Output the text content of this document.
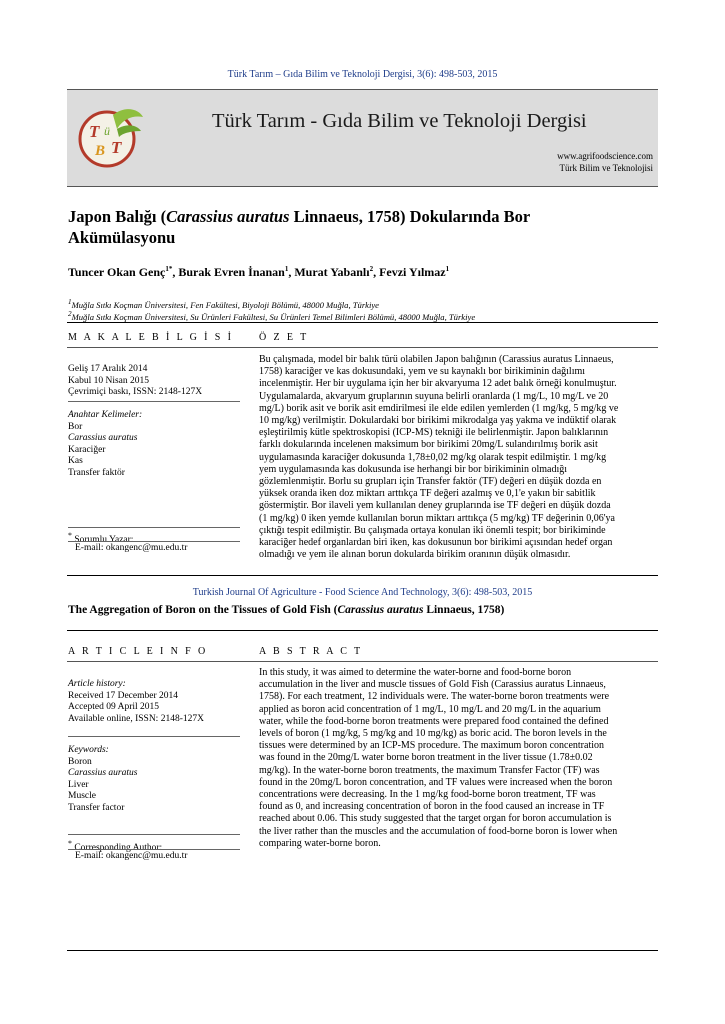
Türk Tarım – Gıda Bilim ve Teknoloji Dergisi, 3(6): 498-503, 2015
T ü
B T
Türk Tarım - Gıda Bilim ve Teknoloji Dergisi
www.agrifoodscience.com
Türk Bilim ve Teknolojisi
Japon Balığı (Carassius auratus Linnaeus, 1758) Dokularında Bor
Akümülasyonu
Tuncer Okan Genç$^{1*}$, Burak Evren İnanan$^1$, Murat Yabanlı$^2$, Fevzi Yılmaz$^1$
$^1$Muğla Sıtkı Koçman Üniversitesi, Fen Fakültesi, Biyoloji Bölümü, 48000 Muğla, Türkiye
$^2$Muğla Sıtkı Koçman Üniversitesi, Su Ürünleri Fakültesi, Su Ürünleri Temel Bilimleri Bölümü, 48000 Muğla, Türkiye
M A K A L E B İ L G İ S İ	Ö Z E T
Geliş 17 Aralık 2014
Kabul 10 Nisan 2015
Çevrimiçi baskı, ISSN: 2148-127X
Anahtar Kelimeler:
Bor
Carassius auratus
Karaciğer
Kas
Transfer faktör
* Sorumlu Yazar:
E-mail: okangenc@mu.edu.tr
Bu çalışmada, model bir balık türü olabilen Japon balığının (Carassius auratus Linnaeus,
1758) karaciğer ve kas dokusundaki, yem ve su kaynaklı bor birikiminin dağılımı
incelenmiştir. Her bir uygulama için her bir akvaryuma 12 adet balık örneği konulmuştur.
Uygulamalarda, akvaryum gruplarının suyuna belirli oranlarda (1 mg/L, 10 mg/L ve 20
mg/L) borik asit ve borik asit emdirilmesi ile elde edilen yemlerden (1 mg/kg, 5 mg/kg ve
10 mg/kg) verilmiştir. Dokulardaki bor birikimi mikrodalga yaş yakma ve indüktif olarak
eşleştirilmiş kütle spektroskopisi (ICP-MS) tekniği ile belirlenmiştir. Japon balıklarının
farklı dokularında incelenen maksimum bor birikimi 20mg/L sulandırılmış borik asit
uygulamasında karaciğer dokusunda 1,78±0,02 mg/kg olarak tespit edilmiştir. 1 mg/kg
yem uygulamasında kas dokusunda ise herhangi bir bor birikiminin olmadığı
gözlemlenmiştir. Borlu su grupları için Transfer faktör (TF) değeri en düşük dozda en
yüksek oranda iken doz miktarı arttıkça TF değeri azalmış ve 0,1'e yakın bir sabitlik
göstermiştir. Bor ilaveli yem kullanılan deney gruplarında ise TF değeri en düşük dozda
(1 mg/kg) 0 iken yemde kullanılan borun miktarı arttıkça (5 mg/kg) TF değerinin 0,06'ya
çıktığı tespit edilmiştir. Bu çalışmada ortaya konulan iki önemli tespit; bor birikiminde
karaciğer hedef organlardan biri iken, kas dokusunun bor birikimi açısından hedef organ
olmadığı ve yem ile alınan borun dokularda birikim oranının düşük olmasıdır.
Turkish Journal Of Agriculture - Food Science And Technology, 3(6): 498-503, 2015
The Aggregation of Boron on the Tissues of Gold Fish (Carassius auratus Linnaeus, 1758)
A R T I C L E I N F O	A B S T R A C T
Article history:
Received 17 December 2014
Accepted 09 April 2015
Available online, ISSN: 2148-127X
Keywords:
Boron
Carassius auratus
Liver
Muscle
Transfer factor
* Corresponding Author:
E-mail: okangenc@mu.edu.tr
In this study, it was aimed to determine the water-borne and food-borne boron
accumulation in the liver and muscle tissues of Gold Fish (Carassius auratus Linnaeus,
1758). For each treatment, 12 individuals were. The water-borne boron treatments were
applied as boron acid concentration of 1 mg/L, 10 mg/L and 20 mg/L in the aquarium
water, while the food-borne boron treatments were prepared food contained the defined
levels of boron (1 mg/kg, 5 mg/kg and 10 mg/kg) as boric acid. The boron levels in the
tissues were determined by an ICP-MS procedure. The maximum boron concentration
was found in the 20mg/L water borne boron treatment in the liver tissue (1.78±0.02
mg/kg). In the water-borne boron treatments, the maximum Transfer Factor (TF) was
found in the 20mg/L boron concentration, and TF values were increased when the boron
concentrations were decreasing. In the 1 mg/kg food-borne boron treatment, TF was
found as 0, and increasing concentration of boron in the food caused an increase in TF
reached about 0.06. This study suggested that the target organ for boron accumulation is
the liver rather than the muscles and the accumulation of food-borne boron is lower when
comparing water-borne boron.
